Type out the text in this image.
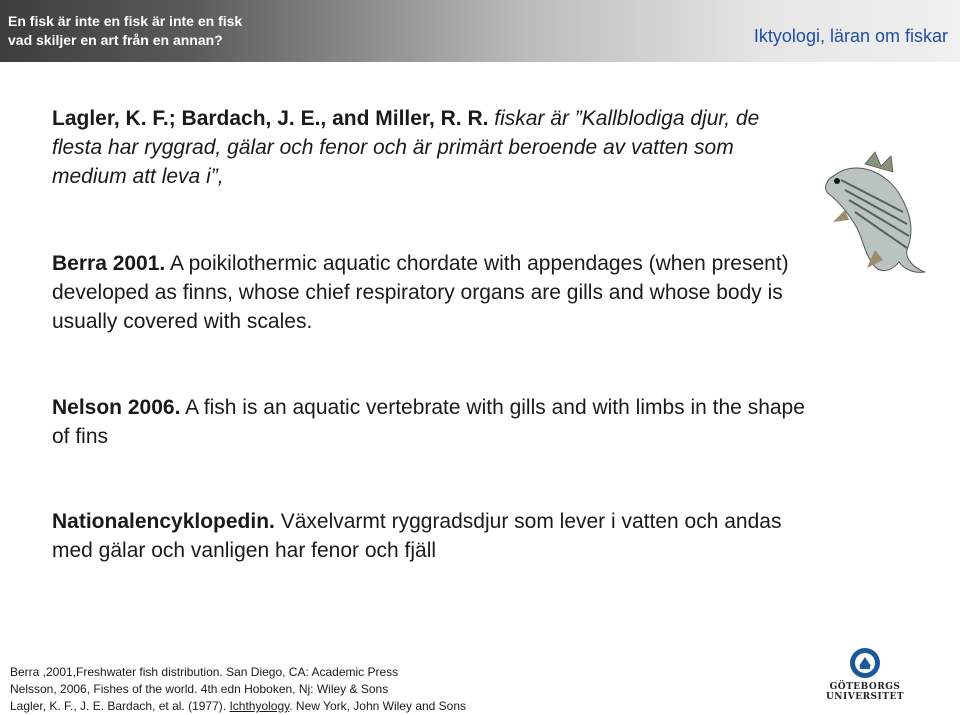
En fisk är inte en fisk är inte en fisk
vad skiljer en art från en annan?	Iktyologi, läran om fiskar
Lagler, K. F.; Bardach, J. E., and Miller, R. R. fiskar är ”Kallblodiga djur, de flesta har ryggrad, gälar och fenor och är primärt beroende av vatten som medium att leva i”,
Berra 2001. A poikilothermic aquatic chordate with appendages (when present) developed as finns, whose chief respiratory organs are gills and whose body is usually covered with scales.
Nelson 2006. A fish is an aquatic vertebrate with gills and with limbs in the shape of fins
Nationalencyklopedin. Växelvarmt ryggradsdjur som lever i vatten och andas med gälar och vanligen har fenor och fjäll
Berra ,2001,Freshwater fish distribution. San Diego, CA: Academic Press
Nelsson, 2006, Fishes of the world. 4th edn Hoboken, Nj: Wiley & Sons
Lagler, K. F., J. E. Bardach, et al. (1977). Ichthyology. New York, John Wiley and Sons
GÖTEBORGS UNIVERSITET
